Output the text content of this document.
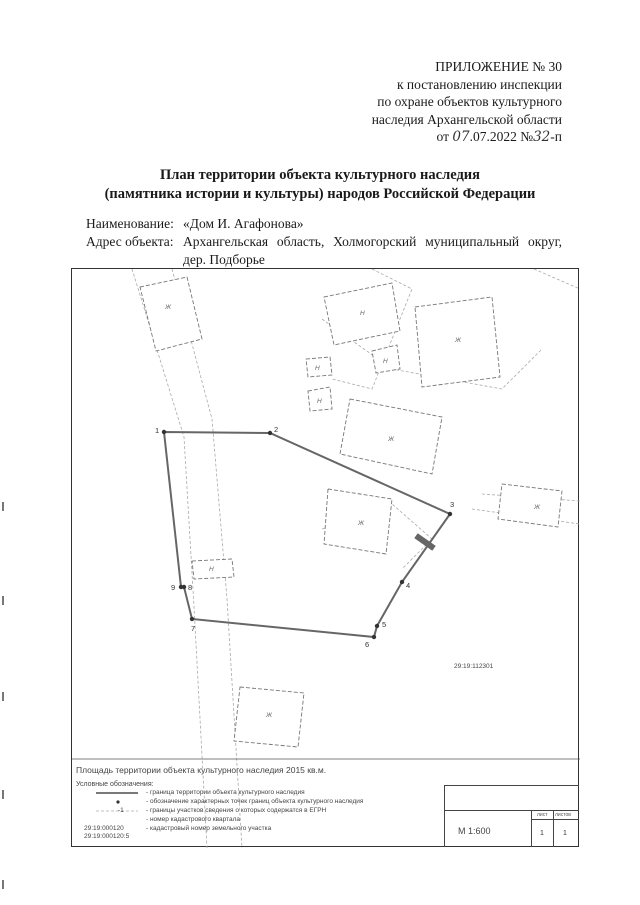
ПРИЛОЖЕНИЕ № 30
к постановлению инспекции
по охране объектов культурного
наследия Архангельской области
от 07.07.2022 №32-п
План территории объекта культурного наследия
(памятника истории и культуры) народов Российской Федерации
Наименование: «Дом И. Агафонова»
Адрес объекта: Архангельская область, Холмогорский муниципальный округ, дер. Подборье
Ж
Н
Ж
Н
Н
Н
Ж
Ж
Ж
Н
Ж
1	2
3
4
5
6
7
8
9
29:19:112301
Площадь территории объекта культурного наследия 2015 кв.м.
Условные обозначения:
-1
29:19:000120
29:19:000120:5
- граница территории объекта культурного наследия
- обозначение характерных точек границ объекта культурного наследия
- границы участков сведения о которых содержатся в ЕГРН
- номер кадастрового квартала
- кадастровый номер земельного участка
лист листов
1	1
М 1:600
